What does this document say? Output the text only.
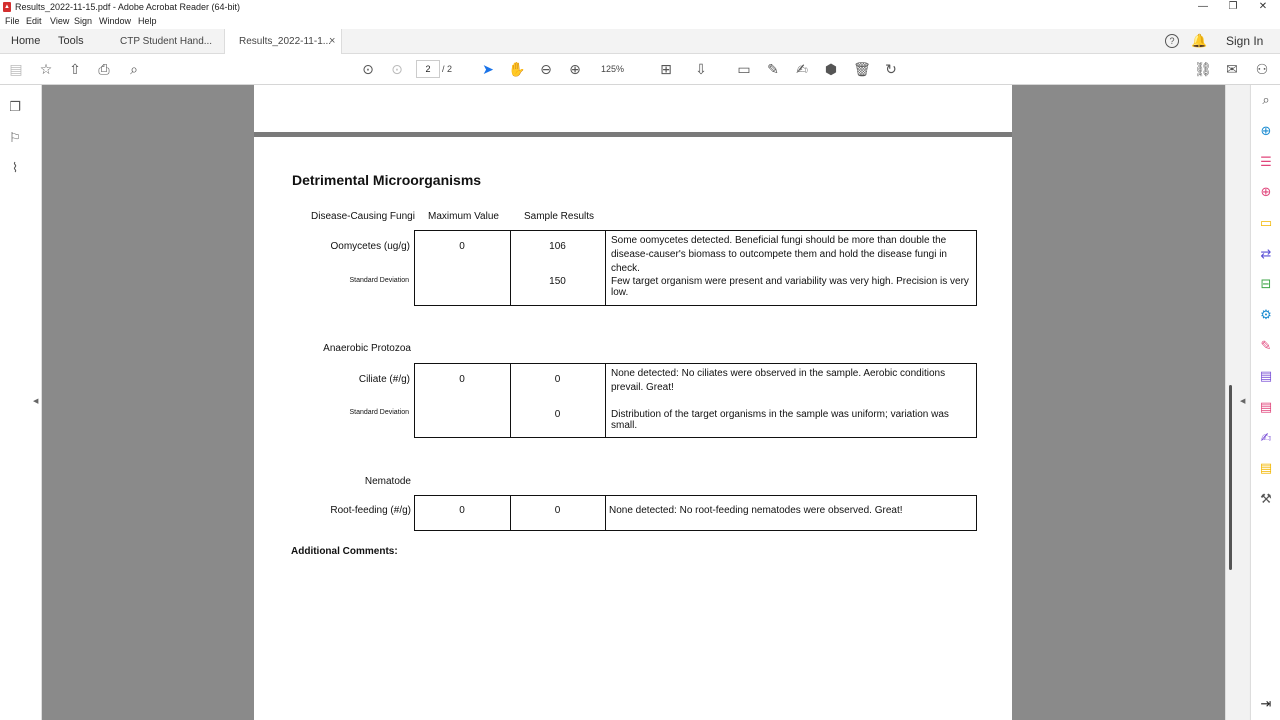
▲ Results_2022-11-15.pdf - Adobe Acrobat Reader (64-bit)	—	❐	✕
File Edit View Sign Window Help
Home Tools	CTP Student Hand...	Results_2022-11-1...
×	?	🔔 Sign In
▤ ☆ ⇧	⎙	⌕	⊙ ⊙	➤ ✋ ⊖ ⊕	⊞ ⇩ ▭ ✎ ✍ ⬢ 🗑 ↻	⛓ ✉ ⚇
2	/ 2	125%
❐
⚐
⌇
◀
Detrimental Microorganisms
Disease-Causing Fungi Maximum Value	Sample Results
Oomycetes (ug/g)	0	106
Some oomycetes detected. Beneficial fungi should be more than double the disease-causer's biomass to outcompete them and hold the disease fungi in check.
Standard Deviation	150	Few target organism were present and variability was very high. Precision is very low.
Anaerobic Protozoa
Ciliate (#/g)	0	0
None detected: No ciliates were observed in the sample. Aerobic conditions prevail. Great!
Standard Deviation	0	Distribution of the target organisms in the sample was uniform; variation was small.
Nematode
Root-feeding (#/g)	0	0	None detected: No root-feeding nematodes were observed. Great!
Additional Comments:
◀
⌕
⊕
☰
⊕
▭
⇄
⊟
⚙
✎
▤
▤
✍
▤
⚒
⇥
